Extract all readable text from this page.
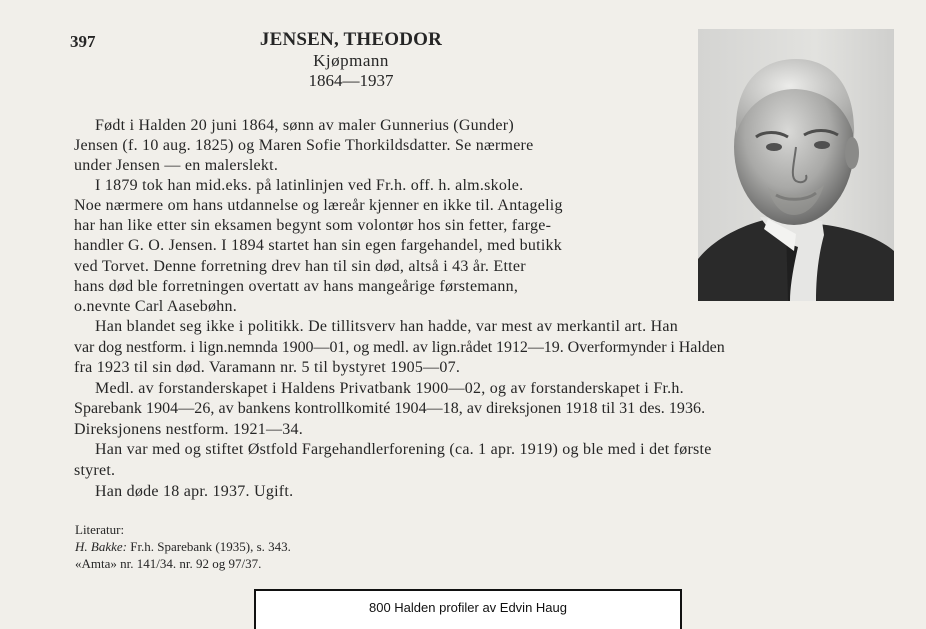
397	JENSEN, THEODOR
Kjøpmann
1864—1937
Født i Halden 20 juni 1864, sønn av maler Gunnerius (Gunder)
Jensen (f. 10 aug. 1825) og Maren Sofie Thorkildsdatter. Se nærmere
under Jensen — en malerslekt.
I 1879 tok han mid.eks. på latinlinjen ved Fr.h. off. h. alm.skole.
Noe nærmere om hans utdannelse og læreår kjenner en ikke til. Antagelig
har han like etter sin eksamen begynt som volontør hos sin fetter, farge-
handler G. O. Jensen. I 1894 startet han sin egen fargehandel, med butikk
ved Torvet. Denne forretning drev han til sin død, altså i 43 år. Etter
hans død ble forretningen overtatt av hans mangeårige førstemann,
o.nevnte Carl Aasebøhn.
Han blandet seg ikke i politikk. De tillitsverv han hadde, var mest av merkantil art. Han
var dog nestform. i lign.nemnda 1900—01, og medl. av lign.rådet 1912—19. Overformynder i Halden
fra 1923 til sin død. Varamann nr. 5 til bystyret 1905—07.
Medl. av forstanderskapet i Haldens Privatbank 1900—02, og av forstanderskapet i Fr.h.
Sparebank 1904—26, av bankens kontrollkomité 1904—18, av direksjonen 1918 til 31 des. 1936.
Direksjonens nestform. 1921—34.
Han var med og stiftet Østfold Fargehandlerforening (ca. 1 apr. 1919) og ble med i det første
styret.
Han døde 18 apr. 1937. Ugift.
Literatur:
H. Bakke: Fr.h. Sparebank (1935), s. 343.
«Amta» nr. 141/34. nr. 92 og 97/37.
800 Halden profiler av Edvin Haug
